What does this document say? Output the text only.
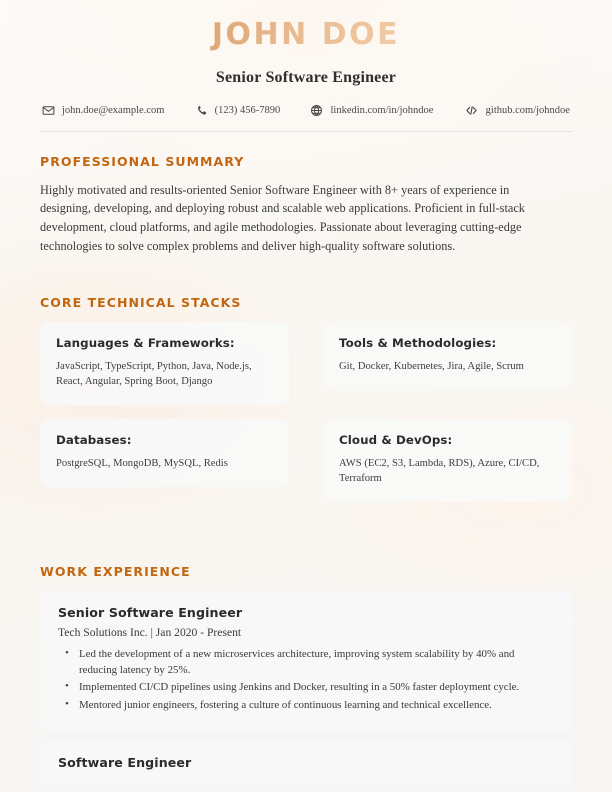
JOHN DOE
Senior Software Engineer
john.doe@example.com	(123) 456-7890	linkedin.com/in/johndoe	github.com/johndoe
PROFESSIONAL SUMMARY

Highly motivated and results-oriented Senior Software Engineer with 8+ years of experience in designing, developing, and deploying robust and scalable web applications. Proficient in full-stack development, cloud platforms, and agile methodologies. Passionate about leveraging cutting-edge technologies to solve complex problems and deliver high-quality software solutions.

CORE TECHNICAL STACKS
Languages & Frameworks:
JavaScript, TypeScript, Python, Java, Node.js, React, Angular, Spring Boot, Django
Tools & Methodologies:
Git, Docker, Kubernetes, Jira, Agile, Scrum
Databases:
PostgreSQL, MongoDB, MySQL, Redis
Cloud & DevOps:
AWS (EC2, S3, Lambda, RDS), Azure, CI/CD, Terraform
WORK EXPERIENCE
Senior Software Engineer
Tech Solutions Inc. | Jan 2020 - Present
• Led the development of a new microservices architecture, improving system scalability by 40% and reducing latency by 25%.
• Implemented CI/CD pipelines using Jenkins and Docker, resulting in a 50% faster deployment cycle.
• Mentored junior engineers, fostering a culture of continuous learning and technical excellence.
Software Engineer
